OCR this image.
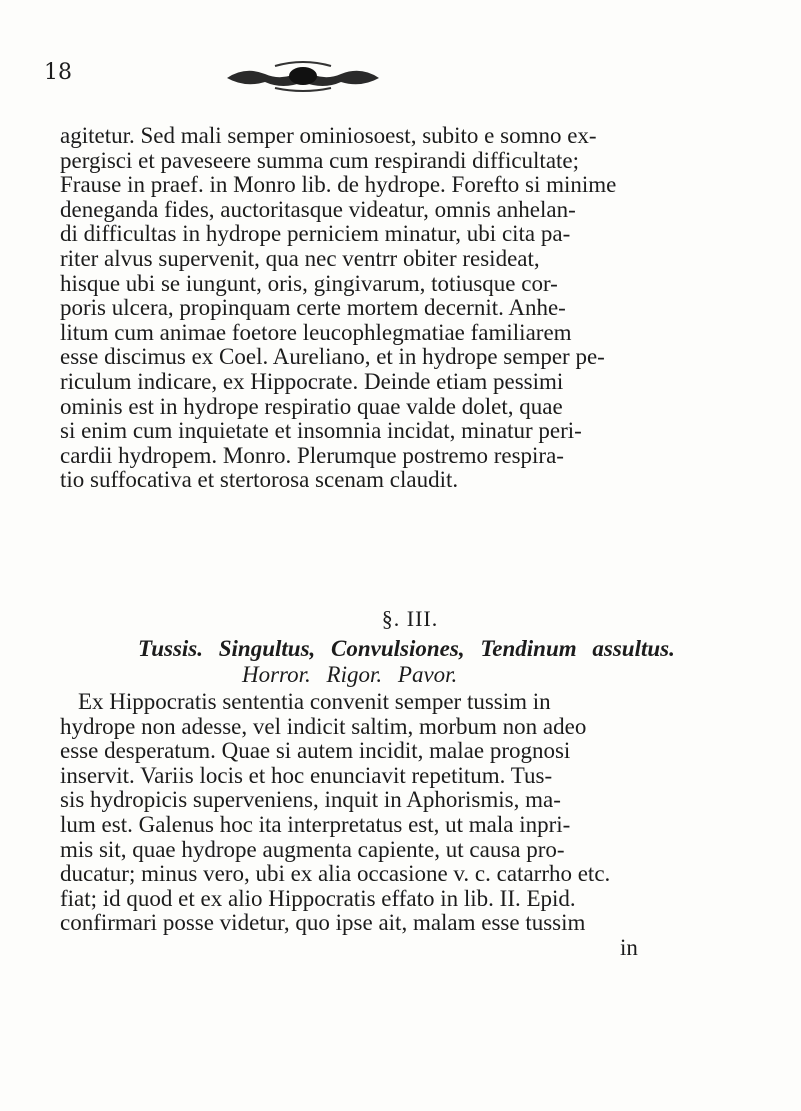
18
agitetur. Sed mali semper ominiosoest, subito e somno ex-
pergisci et paveseere summa cum respirandi difficultate;
Frause in praef. in Monro lib. de hydrope. Forefto si minime
deneganda fides, auctoritasque videatur, omnis anhelan-
di difficultas in hydrope perniciem minatur, ubi cita pa-
riter alvus supervenit, qua nec ventrr obiter resideat,
hisque ubi se iungunt, oris, gingivarum, totiusque cor-
poris ulcera, propinquam certe mortem decernit. Anhe-
litum cum animae foetore leucophlegmatiae familiarem
esse discimus ex Coel. Aureliano, et in hydrope semper pe-
riculum indicare, ex Hippocrate. Deinde etiam pessimi
ominis est in hydrope respiratio quae valde dolet, quae
si enim cum inquietate et insomnia incidat, minatur peri-
cardii hydropem. Monro. Plerumque postremo respira-
tio suffocativa et stertorosa scenam claudit.
§. III.
Tussis. Singultus, Convulsiones, Tendinum assultus.
Horror. Rigor. Pavor.
Ex Hippocratis sententia convenit semper tussim in
hydrope non adesse, vel indicit saltim, morbum non adeo
esse desperatum. Quae si autem incidit, malae prognosi
inservit. Variis locis et hoc enunciavit repetitum. Tus-
sis hydropicis superveniens, inquit in Aphorismis, ma-
lum est. Galenus hoc ita interpretatus est, ut mala inpri-
mis sit, quae hydrope augmenta capiente, ut causa pro-
ducatur; minus vero, ubi ex alia occasione v. c. catarrho etc.
fiat; id quod et ex alio Hippocratis effato in lib. II. Epid.
confirmari posse videtur, quo ipse ait, malam esse tussim
in
